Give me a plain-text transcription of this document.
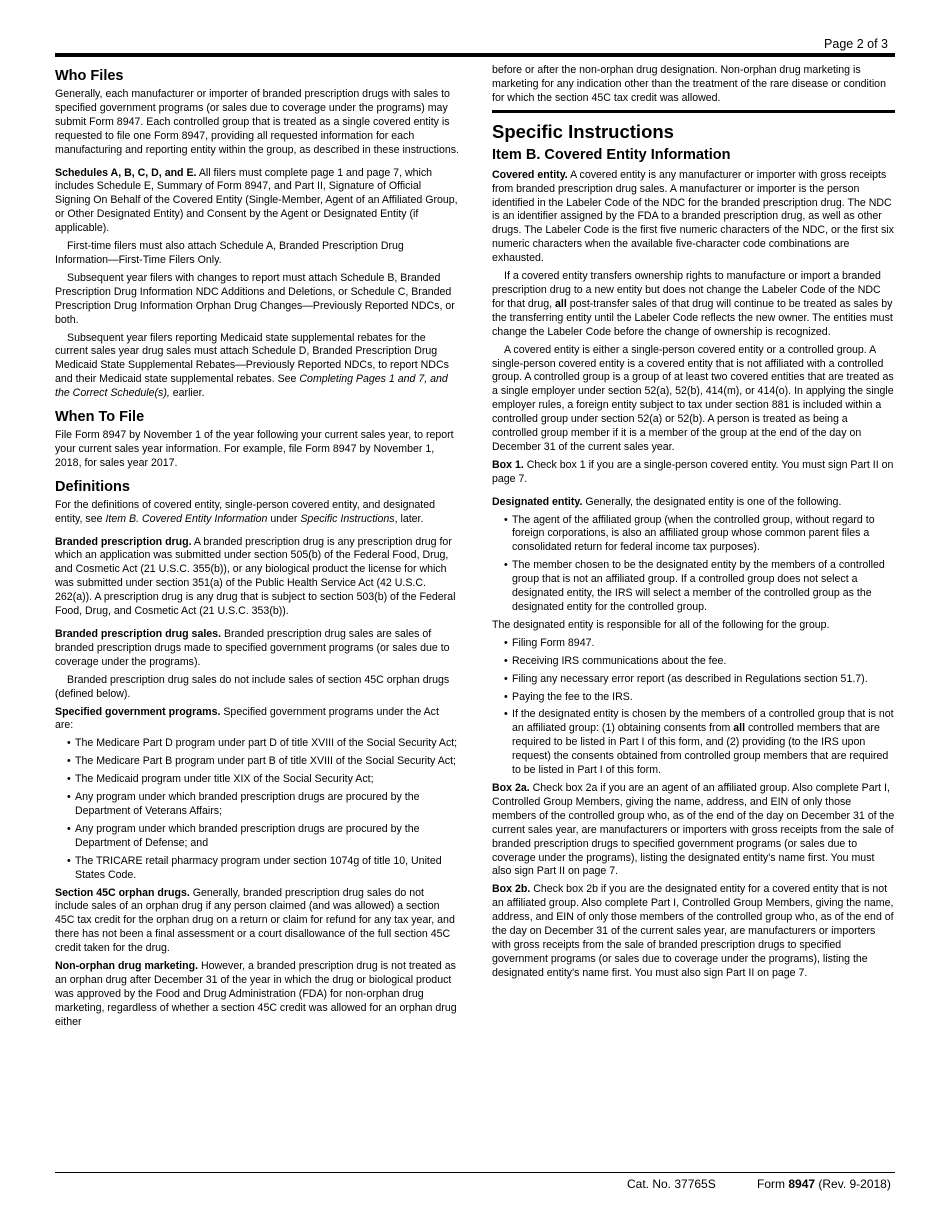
Page 2 of 3
Who Files

Generally, each manufacturer or importer of branded prescription drugs with sales to specified government programs (or sales due to coverage under the programs) may submit Form 8947. Each controlled group that is treated as a single covered entity is requested to file one Form 8947, providing all requested information for each manufacturing and reporting entity within the group, as described in these instructions.

Schedules A, B, C, D, and E. All filers must complete page 1 and page 7, which includes Schedule E, Summary of Form 8947, and Part II, Signature of Official Signing On Behalf of the Covered Entity (Single-Member, Agent of an Affiliated Group, or Other Designated Entity) and Consent by the Agent or Designated Entity (if applicable).

First-time filers must also attach Schedule A, Branded Prescription Drug Information—First-Time Filers Only.

Subsequent year filers with changes to report must attach Schedule B, Branded Prescription Drug Information NDC Additions and Deletions, or Schedule C, Branded Prescription Drug Information Orphan Drug Changes—Previously Reported NDCs, or both.

Subsequent year filers reporting Medicaid state supplemental rebates for the current sales year drug sales must attach Schedule D, Branded Prescription Drug Medicaid State Supplemental Rebates—Previously Reported NDCs, to report NDCs and their Medicaid state supplemental rebates. See Completing Pages 1 and 7, and the Correct Schedule(s), earlier.

When To File

File Form 8947 by November 1 of the year following your current sales year, to report your current sales year information. For example, file Form 8947 by November 1, 2018, for sales year 2017.

Definitions

For the definitions of covered entity, single-person covered entity, and designated entity, see Item B. Covered Entity Information under Specific Instructions, later.

Branded prescription drug. A branded prescription drug is any prescription drug for which an application was submitted under section 505(b) of the Federal Food, Drug, and Cosmetic Act (21 U.S.C. 355(b)), or any biological product the license for which was submitted under section 351(a) of the Public Health Service Act (42 U.S.C. 262(a)). A prescription drug is any drug that is subject to section 503(b) of the Federal Food, Drug, and Cosmetic Act (21 U.S.C. 353(b)).

Branded prescription drug sales. Branded prescription drug sales are sales of branded prescription drugs made to specified government programs (or sales due to coverage under the programs).

Branded prescription drug sales do not include sales of section 45C orphan drugs (defined below).

Specified government programs. Specified government programs under the Act are:

• The Medicare Part D program under part D of title XVIII of the Social Security Act;
• The Medicare Part B program under part B of title XVIII of the Social Security Act;
• The Medicaid program under title XIX of the Social Security Act;
• Any program under which branded prescription drugs are procured by the Department of Veterans Affairs;
• Any program under which branded prescription drugs are procured by the Department of Defense; and
• The TRICARE retail pharmacy program under section 1074g of title 10, United States Code.

Section 45C orphan drugs. Generally, branded prescription drug sales do not include sales of an orphan drug if any person claimed (and was allowed) a section 45C tax credit for the orphan drug on a return or claim for refund for any tax year, and there has not been a final assessment or a court disallowance of the full section 45C credit taken for the drug.

Non-orphan drug marketing. However, a branded prescription drug is not treated as an orphan drug after December 31 of the year in which the drug or biological product was approved by the Food and Drug Administration (FDA) for non-orphan drug marketing, regardless of whether a section 45C credit was allowed for an orphan drug either

before or after the non-orphan drug designation. Non-orphan drug marketing is marketing for any indication other than the treatment of the rare disease or condition for which the section 45C tax credit was allowed.

Specific Instructions
Item B. Covered Entity Information

Covered entity. A covered entity is any manufacturer or importer with gross receipts from branded prescription drug sales. A manufacturer or importer is the person identified in the Labeler Code of the NDC for the branded prescription drug. The NDC is an identifier assigned by the FDA to a branded prescription drug, as well as other drugs. The Labeler Code is the first five numeric characters of the NDC, or the first six numeric characters when the available five-character code combinations are exhausted.

If a covered entity transfers ownership rights to manufacture or import a branded prescription drug to a new entity but does not change the Labeler Code of the NDC for that drug, all post-transfer sales of that drug will continue to be treated as sales by the transferring entity until the Labeler Code reflects the new owner. The entities must change the Labeler Code before the change of ownership is recognized.

A covered entity is either a single-person covered entity or a controlled group. A single-person covered entity is a covered entity that is not affiliated with a controlled group. A controlled group is a group of at least two covered entities that are treated as a single employer under section 52(a), 52(b), 414(m), or 414(o). In applying the single employer rules, a foreign entity subject to tax under section 881 is included within a controlled group under section 52(a) or 52(b). A person is treated as being a controlled group member if it is a member of the group at the end of the day on December 31 of the current sales year.

Box 1. Check box 1 if you are a single-person covered entity. You must sign Part II on page 7.

Designated entity. Generally, the designated entity is one of the following.

• The agent of the affiliated group (when the controlled group, without regard to foreign corporations, is also an affiliated group whose common parent files a consolidated return for federal income tax purposes).
• The member chosen to be the designated entity by the members of a controlled group that is not an affiliated group. If a controlled group does not select a designated entity, the IRS will select a member of the controlled group as the designated entity for the controlled group.

The designated entity is responsible for all of the following for the group.

• Filing Form 8947.
• Receiving IRS communications about the fee.
• Filing any necessary error report (as described in Regulations section 51.7).
• Paying the fee to the IRS.
• If the designated entity is chosen by the members of a controlled group that is not an affiliated group: (1) obtaining consents from all controlled members that are required to be listed in Part I of this form, and (2) providing (to the IRS upon request) the consents obtained from controlled group members that are required to be listed in Part I of this form.

Box 2a. Check box 2a if you are an agent of an affiliated group. Also complete Part I, Controlled Group Members, giving the name, address, and EIN of only those members of the controlled group who, as of the end of the day on December 31 of the current sales year, are manufacturers or importers with gross receipts from the sale of branded prescription drugs to specified government programs (or sales due to coverage under the programs), listing the designated entity's name first. You must also sign Part II on page 7.

Box 2b. Check box 2b if you are the designated entity for a covered entity that is not an affiliated group. Also complete Part I, Controlled Group Members, giving the name, address, and EIN of only those members of the controlled group who, as of the end of the day on December 31 of the current sales year, are manufacturers or importers with gross receipts from the sale of branded prescription drugs to specified government programs (or sales due to coverage under the programs), listing the designated entity's name first. You must also sign Part II on page 7.

Cat. No. 37765S	Form 8947 (Rev. 9-2018)
